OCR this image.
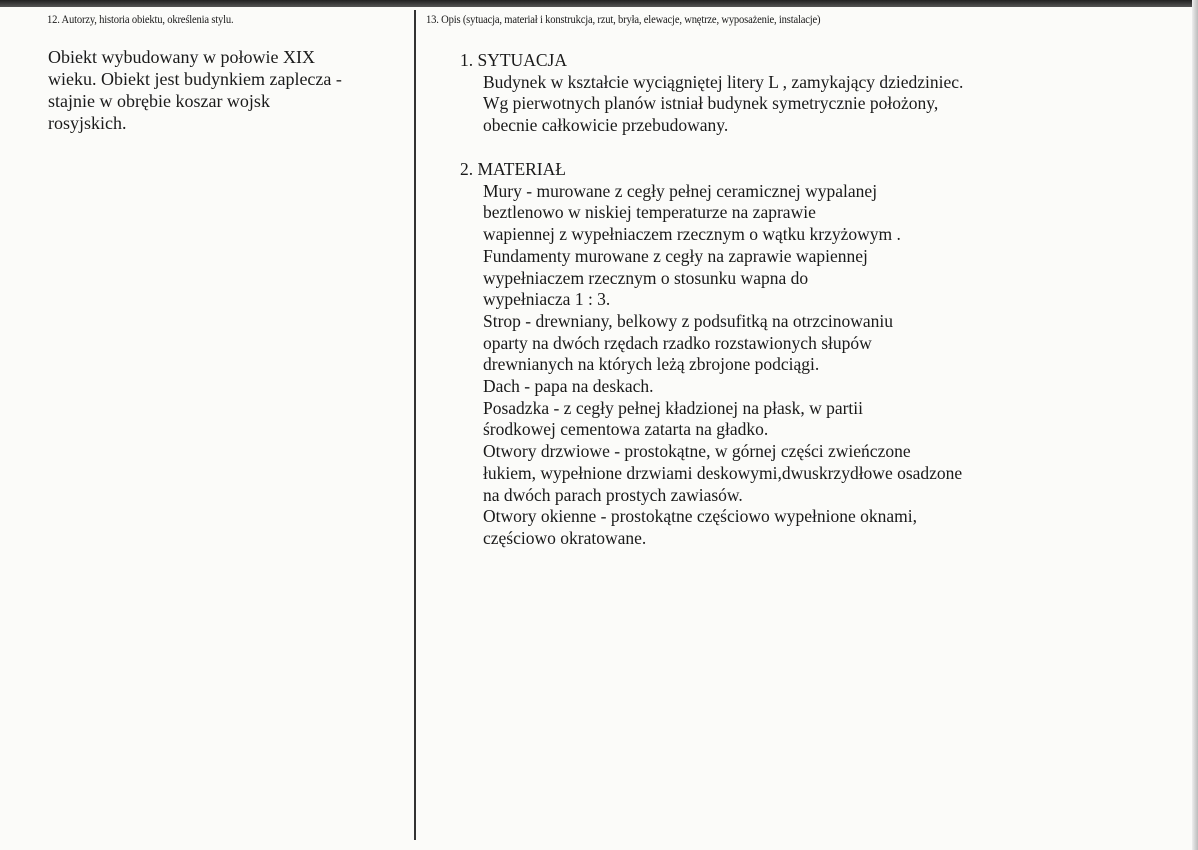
12. Autorzy, historia obiektu, określenia stylu.	13. Opis (sytuacja, materiał i konstrukcja, rzut, bryła, elewacje, wnętrze, wyposażenie, instalacje)
Obiekt wybudowany w połowie XIX
wieku. Obiekt jest budynkiem zaplecza -
stajnie w obrębie koszar wojsk
rosyjskich.
1. SYTUACJA
Budynek w kształcie wyciągniętej litery L , zamykający dziedziniec.
Wg pierwotnych planów istniał budynek symetrycznie położony,
obecnie całkowicie przebudowany.
2. MATERIAŁ
Mury - murowane z cegły pełnej ceramicznej wypalanej
beztlenowo w niskiej temperaturze na zaprawie
wapiennej z wypełniaczem rzecznym o wątku krzyżowym .
Fundamenty murowane z cegły na zaprawie wapiennej
wypełniaczem rzecznym o stosunku wapna do
wypełniacza 1 : 3.
Strop - drewniany, belkowy z podsufitką na otrzcinowaniu
oparty na dwóch rzędach rzadko rozstawionych słupów
drewnianych na których leżą zbrojone podciągi.
Dach - papa na deskach.
Posadzka - z cegły pełnej kładzionej na płask, w partii
środkowej cementowa zatarta na gładko.
Otwory drzwiowe - prostokątne, w górnej części zwieńczone
łukiem, wypełnione drzwiami deskowymi,dwuskrzydłowe osadzone
na dwóch parach prostych zawiasów.
Otwory okienne - prostokątne częściowo wypełnione oknami,
częściowo okratowane.
